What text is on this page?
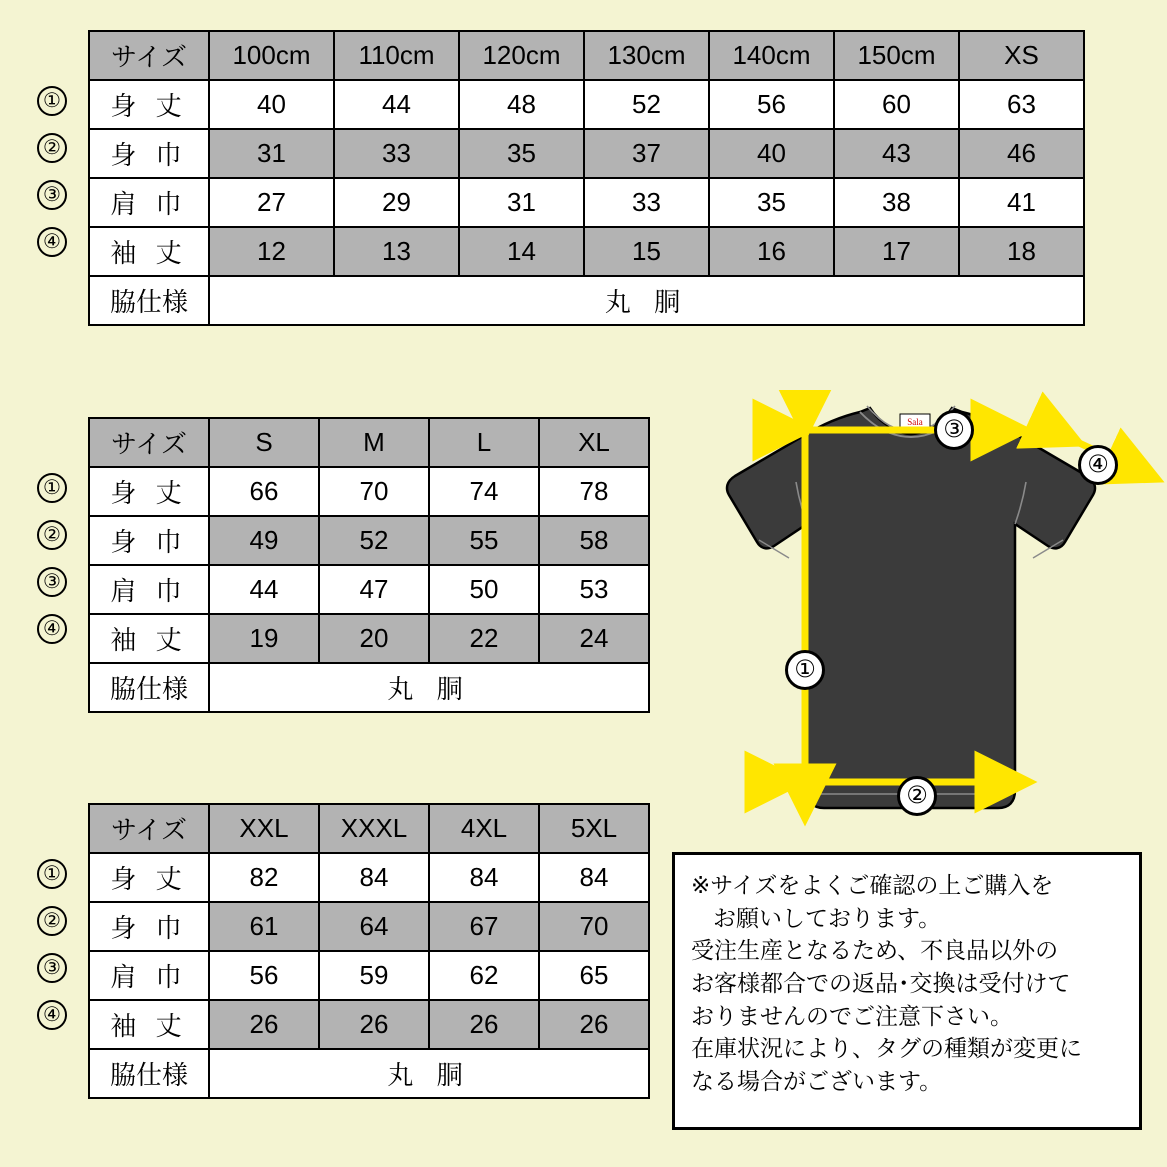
①
②
③
④
サイズ	100cm	110cm	120cm	130cm	140cm	150cm	XS
身 丈	40	44	48	52	56	60	63
身 巾	31	33	35	37	40	43	46
肩 巾	27	29	31	33	35	38	41
袖 丈	12	13	14	15	16	17	18
脇仕様	丸 胴						
①
②
③
④
サイズ	S	M	L	XL
身 丈	66	70	74	78
身 巾	49	52	55	58
肩 巾	44	47	50	53
袖 丈	19	20	22	24
脇仕様	丸 胴			
①
②
③
④
サイズ	XXL	XXXL	4XL	5XL
身 丈	82	84	84	84
身 巾	61	64	67	70
肩 巾	56	59	62	65
袖 丈	26	26	26	26
脇仕様	丸 胴			
Sala ③
④
①
②

※サイズをよくご確認の上ご購入を

お願いしております。

受注生産となるため、不良品以外の

お客様都合での返品･交換は受付けて

おりませんのでご注意下さい。

在庫状況により、タグの種類が変更に

なる場合がございます。
